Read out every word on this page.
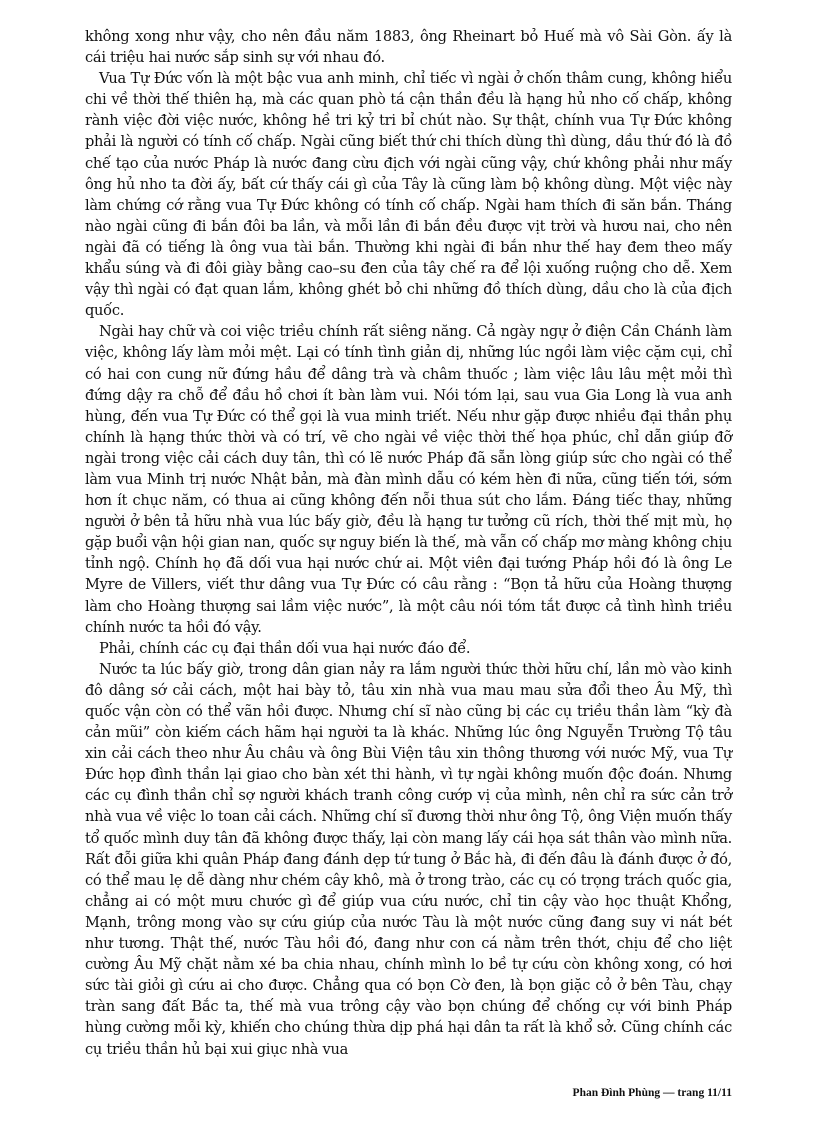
không xong như vậy, cho nên đầu năm 1883, ông Rheinart bỏ Huế mà vô Sài Gòn. ấy là cái triệu hai nước sắp sinh sự với nhau đó.

Vua Tự Đức vốn là một bậc vua anh minh, chỉ tiếc vì ngài ở chốn thâm cung, không hiểu chi về thời thế thiên hạ, mà các quan phò tá cận thần đều là hạng hủ nho cố chấp, không rành việc đời việc nước, không hề tri kỷ tri bỉ chút nào. Sự thật, chính vua Tự Đức không phải là người có tính cố chấp. Ngài cũng biết thứ chi thích dùng thì dùng, dầu thứ đó là đồ chế tạo của nước Pháp là nước đang cừu địch với ngài cũng vậy, chứ không phải như mấy ông hủ nho ta đời ấy, bất cứ thấy cái gì của Tây là cũng làm bộ không dùng. Một việc này làm chứng cớ rằng vua Tự Đức không có tính cố chấp. Ngài ham thích đi săn bắn. Tháng nào ngài cũng đi bắn đôi ba lần, và mỗi lần đi bắn đều được vịt trời và hươu nai, cho nên ngài đã có tiếng là ông vua tài bắn. Thường khi ngài đi bắn như thế hay đem theo mấy khẩu súng và đi đôi giày bằng cao–su đen của tây chế ra để lội xuống ruộng cho dễ. Xem vậy thì ngài có đạt quan lắm, không ghét bỏ chi những đồ thích dùng, dầu cho là của địch quốc.

Ngài hay chữ và coi việc triều chính rất siêng năng. Cả ngày ngự ở điện Cần Chánh làm việc, không lấy làm mỏi mệt. Lại có tính tình giản dị, những lúc ngồi làm việc cặm cụi, chỉ có hai con cung nữ đứng hầu để dâng trà và châm thuốc ; làm việc lâu lâu mệt mỏi thì đứng dậy ra chỗ để đầu hồ chơi ít bàn làm vui. Nói tóm lại, sau vua Gia Long là vua anh hùng, đến vua Tự Đức có thể gọi là vua minh triết. Nếu như gặp được nhiều đại thần phụ chính là hạng thức thời và có trí, vẽ cho ngài về việc thời thế họa phúc, chỉ dẫn giúp đỡ ngài trong việc cải cách duy tân, thì có lẽ nước Pháp đã sẵn lòng giúp sức cho ngài có thể làm vua Minh trị nước Nhật bản, mà đàn mình dẫu có kém hèn đi nữa, cũng tiến tới, sớm hơn ít chục năm, có thua ai cũng không đến nỗi thua sút cho lắm. Đáng tiếc thay, những người ở bên tả hữu nhà vua lúc bấy giờ, đều là hạng tư tưởng cũ rích, thời thế mịt mù, họ gặp buổi vận hội gian nan, quốc sự nguy biến là thế, mà vẫn cố chấp mơ màng không chịu tỉnh ngộ. Chính họ đã dối vua hại nước chứ ai. Một viên đại tướng Pháp hồi đó là ông Le Myre de Villers, viết thư dâng vua Tự Đức có câu rằng : “Bọn tả hữu của Hoàng thượng làm cho Hoàng thượng sai lầm việc nước”, là một câu nói tóm tắt được cả tình hình triều chính nước ta hồi đó vậy.

Phải, chính các cụ đại thần dối vua hại nước đáo để.

Nước ta lúc bấy giờ, trong dân gian nảy ra lắm người thức thời hữu chí, lần mò vào kinh đô dâng sớ cải cách, một hai bày tỏ, tâu xin nhà vua mau mau sửa đổi theo Âu Mỹ, thì quốc vận còn có thể vãn hồi được. Nhưng chí sĩ nào cũng bị các cụ triều thần làm “kỳ đà cản mũi” còn kiếm cách hãm hại người ta là khác. Những lúc ông Nguyễn Trường Tộ tâu xin cải cách theo như Âu châu và ông Bùi Viện tâu xin thông thương với nước Mỹ, vua Tự Đức họp đình thần lại giao cho bàn xét thi hành, vì tự ngài không muốn độc đoán. Nhưng các cụ đình thần chỉ sợ người khách tranh công cướp vị của mình, nên chỉ ra sức cản trở nhà vua về việc lo toan cải cách. Những chí sĩ đương thời như ông Tộ, ông Viện muốn thấy tổ quốc mình duy tân đã không được thấy, lại còn mang lấy cái họa sát thân vào mình nữa. Rất đỗi giữa khi quân Pháp đang đánh dẹp tứ tung ở Bắc hà, đi đến đâu là đánh được ở đó, có thể mau lẹ dễ dàng như chém cây khô, mà ở trong trào, các cụ có trọng trách quốc gia, chẳng ai có một mưu chước gì để giúp vua cứu nước, chỉ tin cậy vào học thuật Khổng, Mạnh, trông mong vào sự cứu giúp của nước Tàu là một nước cũng đang suy vi nát bét như tương. Thật thế, nước Tàu hồi đó, đang như con cá nằm trên thớt, chịu để cho liệt cường Âu Mỹ chặt nằm xé ba chia nhau, chính mình lo bề tự cứu còn không xong, có hơi sức tài giỏi gì cứu ai cho được. Chẳng qua có bọn Cờ đen, là bọn giặc cỏ ở bên Tàu, chạy tràn sang đất Bắc ta, thế mà vua trông cậy vào bọn chúng để chống cự với binh Pháp hùng cường mỗi kỳ, khiến cho chúng thừa dịp phá hại dân ta rất là khổ sở. Cũng chính các cụ triều thần hủ bại xui giục nhà vua

Phan Đình Phùng — trang 11/11
